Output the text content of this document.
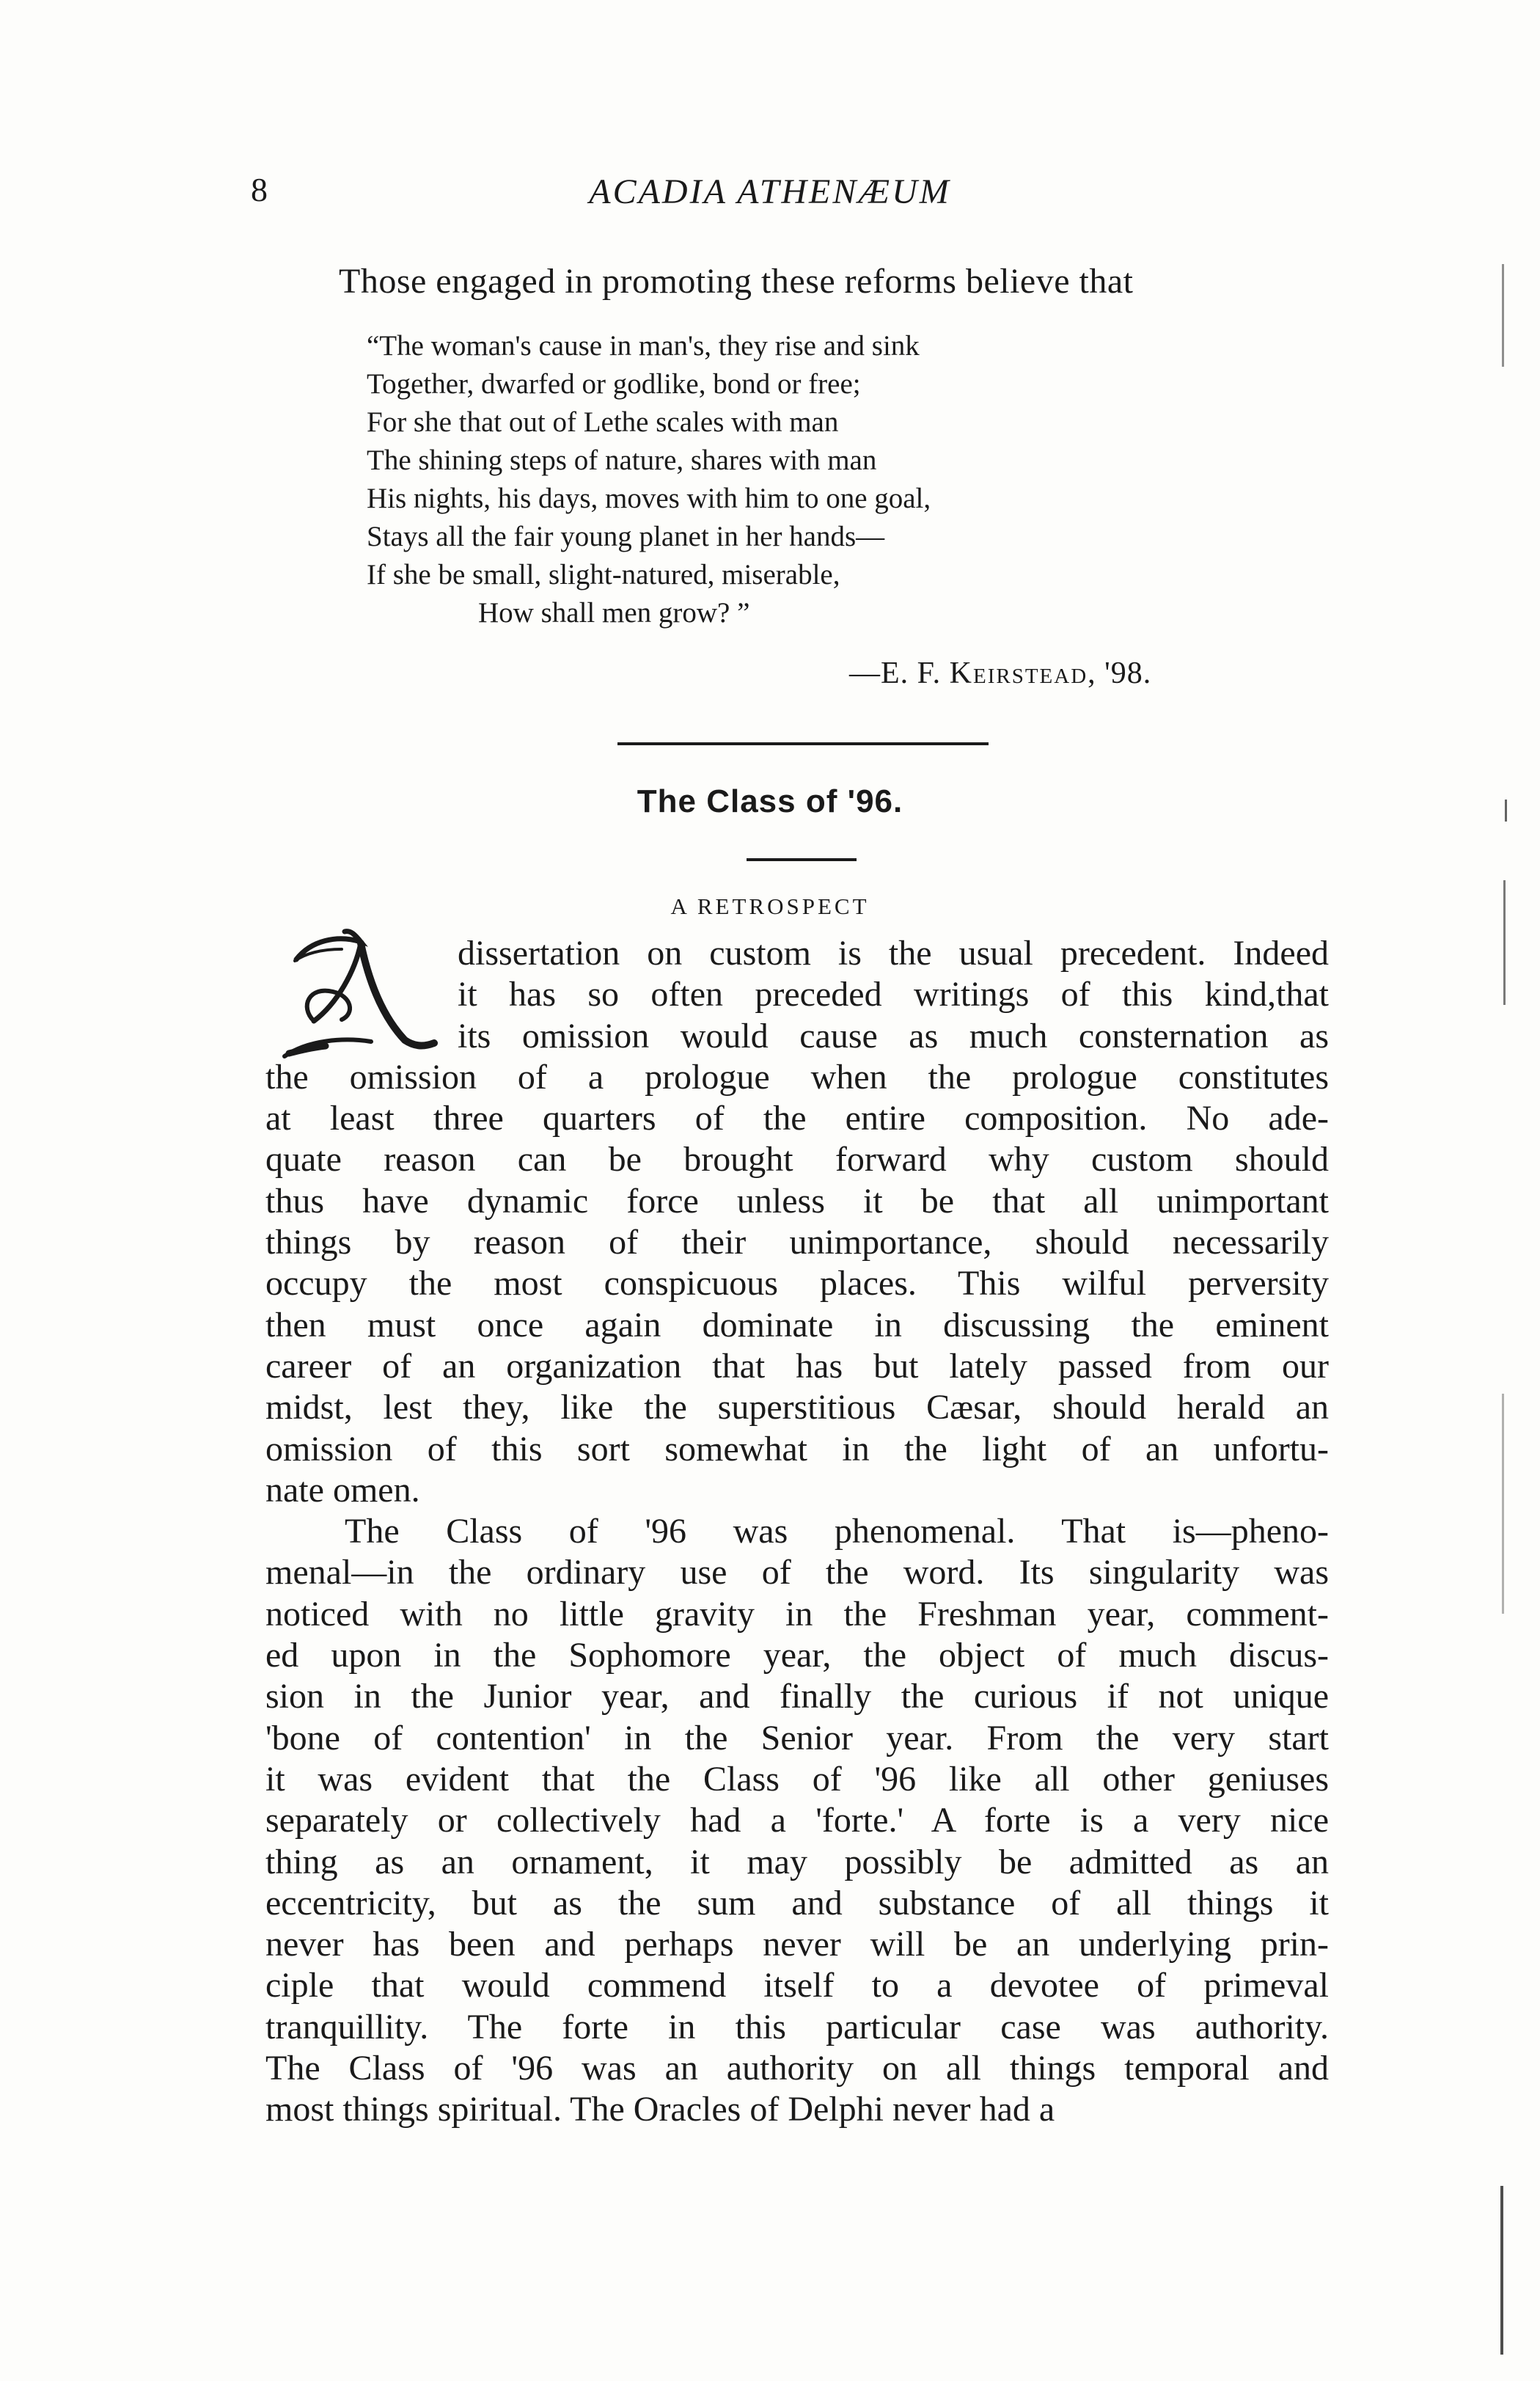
8	ACADIA ATHENÆUM
Those engaged in promoting these reforms believe that
“The woman's cause in man's, they rise and sink
Together, dwarfed or godlike, bond or free;
For she that out of Lethe scales with man
The shining steps of nature, shares with man
His nights, his days, moves with him to one goal,
Stays all the fair young planet in her hands—
If she be small, slight-natured, miserable,
How shall men grow? ”
—E. F. Keirstead, '98.
The Class of '96.
A RETROSPECT
A
dissertation on custom is the usual precedent. Indeed
it has so often preceded writings of this kind,that
its omission would cause as much consternation as
the omission of a prologue when the prologue constitutes
at least three quarters of the entire composition. No ade-
quate reason can be brought forward why custom should
thus have dynamic force unless it be that all unimportant
things by reason of their unimportance, should necessarily
occupy the most conspicuous places. This wilful perversity
then must once again dominate in discussing the eminent
career of an organization that has but lately passed from our
midst, lest they, like the superstitious Cæsar, should herald an
omission of this sort somewhat in the light of an unfortu-
nate omen.
The Class of '96 was phenomenal. That is—pheno-
menal—in the ordinary use of the word. Its singularity was
noticed with no little gravity in the Freshman year, comment-
ed upon in the Sophomore year, the object of much discus-
sion in the Junior year, and finally the curious if not unique
'bone of contention' in the Senior year. From the very start
it was evident that the Class of '96 like all other geniuses
separately or collectively had a 'forte.' A forte is a very nice
thing as an ornament, it may possibly be admitted as an
eccentricity, but as the sum and substance of all things it
never has been and perhaps never will be an underlying prin-
ciple that would commend itself to a devotee of primeval
tranquillity. The forte in this particular case was authority.
The Class of '96 was an authority on all things temporal and
most things spiritual. The Oracles of Delphi never had a
